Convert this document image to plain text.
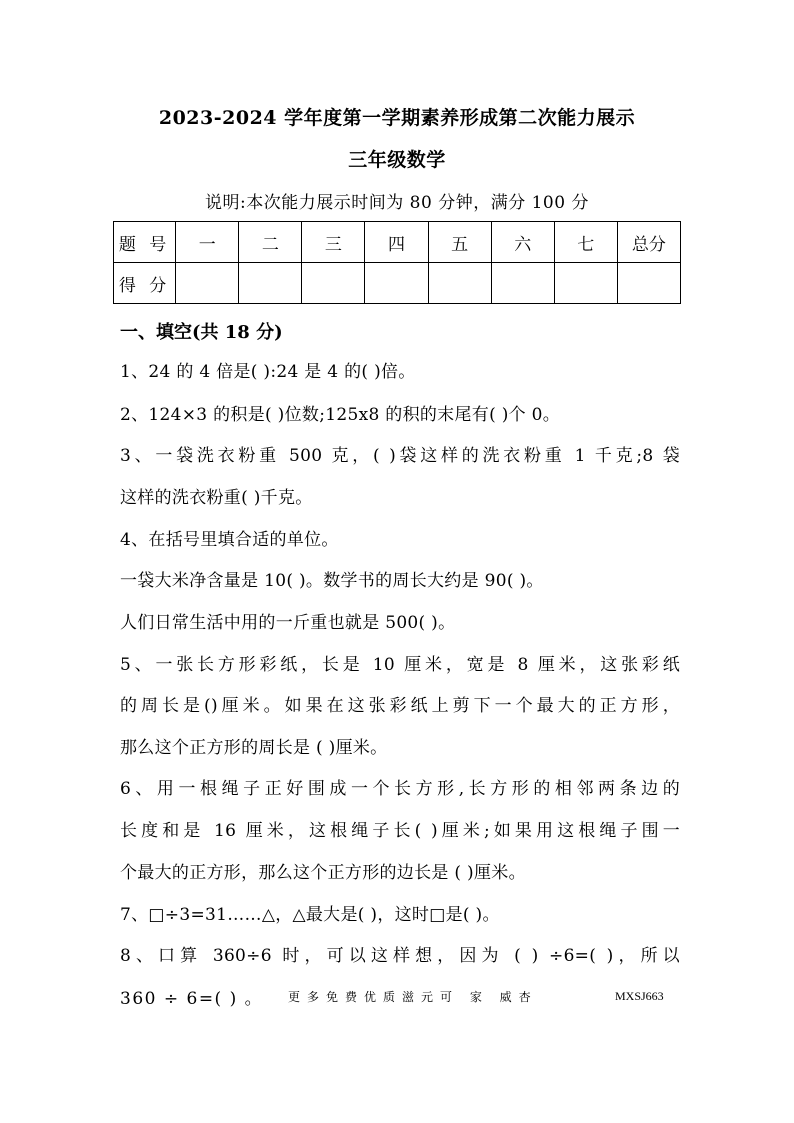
2023-2024 学年度第一学期素养形成第二次能力展示
三年级数学
说明:本次能力展示时间为 80 分钟，满分 100 分
题 号	一	二	三	四	五	六	七	总分
得 分								
一、填空(共 18 分)
1、24 的 4 倍是( ):24 是 4 的( )倍。
2、124×3 的积是( )位数;125x8 的积的末尾有( )个 0。
3、一袋洗衣粉重 500 克，( )袋这样的洗衣粉重 1 千克;8 袋
这样的洗衣粉重( )千克。
4、在括号里填合适的单位。
一袋大米净含量是 10( )。数学书的周长大约是 90( )。
人们日常生活中用的一斤重也就是 500( )。
5、一张长方形彩纸，长是 10 厘米，宽是 8 厘米，这张彩纸
的周长是()厘米。如果在这张彩纸上剪下一个最大的正方形，
那么这个正方形的周长是 ( )厘米。
6、用一根绳子正好围成一个长方形,长方形的相邻两条边的
长度和是 16 厘米，这根绳子长( )厘米;如果用这根绳子围一
个最大的正方形，那么这个正方形的边长是 ( )厘米。
7、□÷3=31……△，△最大是( )，这时□是( )。
8、口算 360÷6 时，可以这样想，因为 ( ) ÷6=( )，所以
360 ÷ 6=( ) 。	更多免费优质滋元可 家 威杏	MXSJ663
